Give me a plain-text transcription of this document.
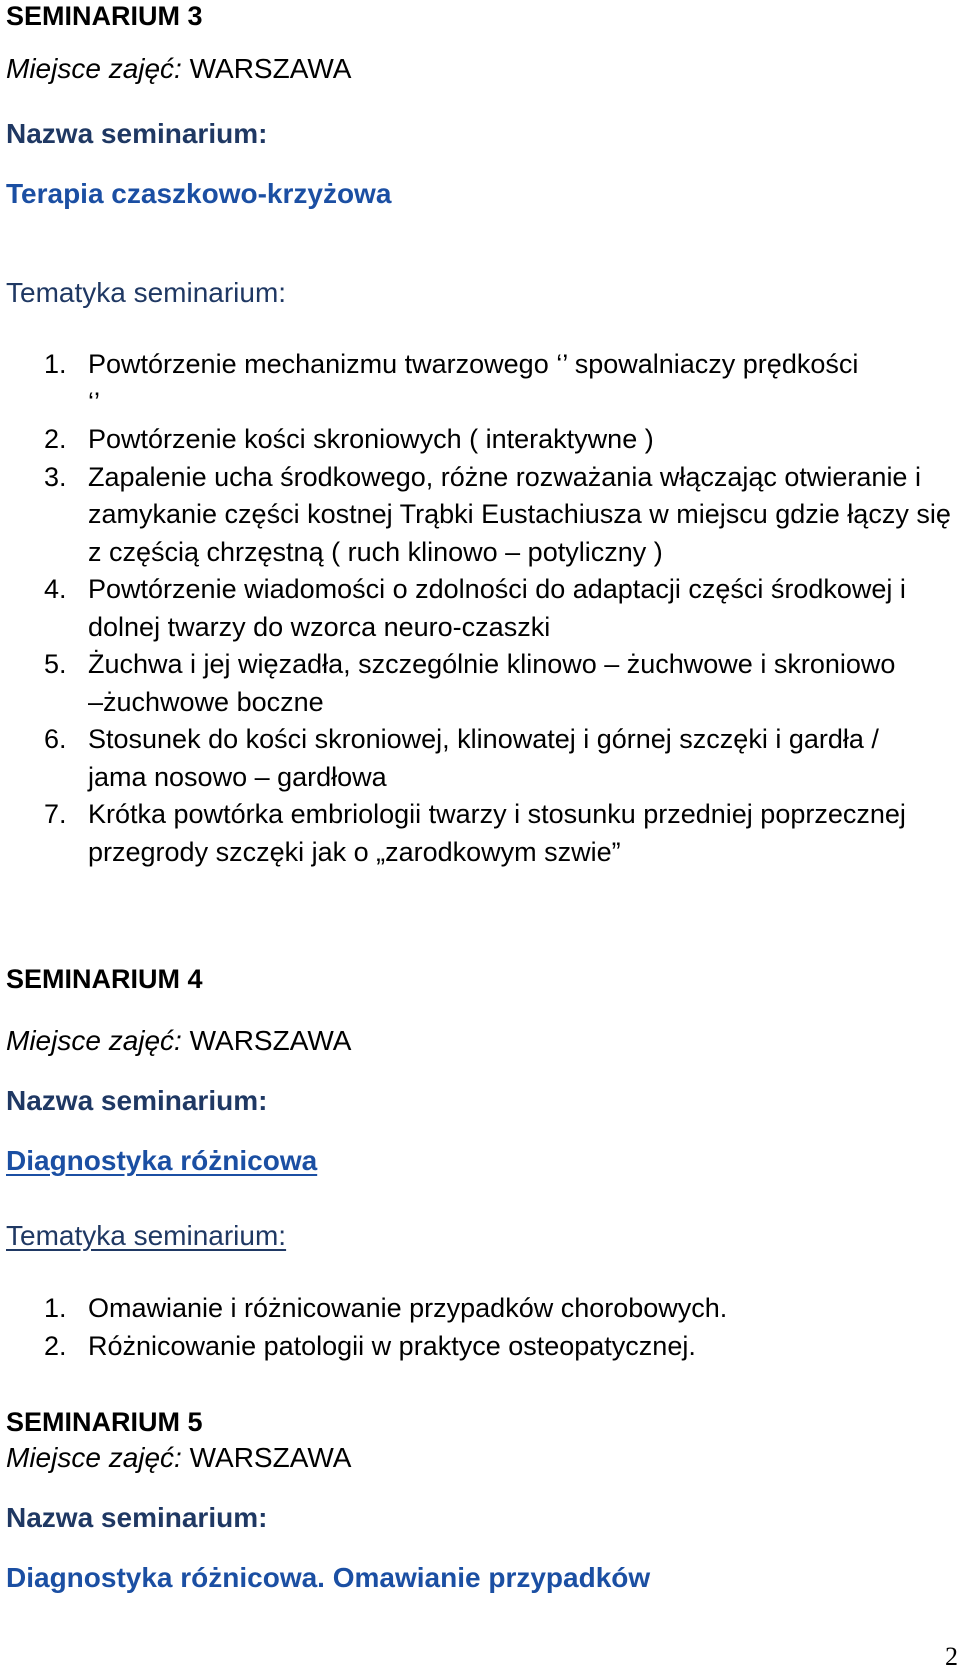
SEMINARIUM 3
Miejsce zajęć: WARSZAWA
Nazwa seminarium:
Terapia czaszkowo-krzyżowa
Tematyka seminarium:
1. Powtórzenie mechanizmu twarzowego ‘’ spowalniaczy prędkości ‘’
2. Powtórzenie kości skroniowych ( interaktywne )
3. Zapalenie ucha środkowego, różne rozważania włączając otwieranie i zamykanie części kostnej Trąbki Eustachiusza w miejscu gdzie łączy się z częścią chrzęstną ( ruch klinowo – potyliczny )
4. Powtórzenie wiadomości o zdolności do adaptacji części środkowej i dolnej twarzy do wzorca neuro-czaszki
5. Żuchwa i jej więzadła, szczególnie klinowo – żuchwowe i skroniowo –żuchwowe boczne
6. Stosunek do kości skroniowej, klinowatej i górnej szczęki i gardła / jama nosowo – gardłowa
7. Krótka powtórka embriologii twarzy i stosunku przedniej poprzecznej przegrody szczęki jak o „zarodkowym szwie”
SEMINARIUM 4
Miejsce zajęć: WARSZAWA
Nazwa seminarium:
Diagnostyka różnicowa
Tematyka seminarium:
1. Omawianie i różnicowanie przypadków chorobowych.
2. Różnicowanie patologii w praktyce osteopatycznej.
SEMINARIUM 5
Miejsce zajęć: WARSZAWA
Nazwa seminarium:
Diagnostyka różnicowa. Omawianie przypadków
2
